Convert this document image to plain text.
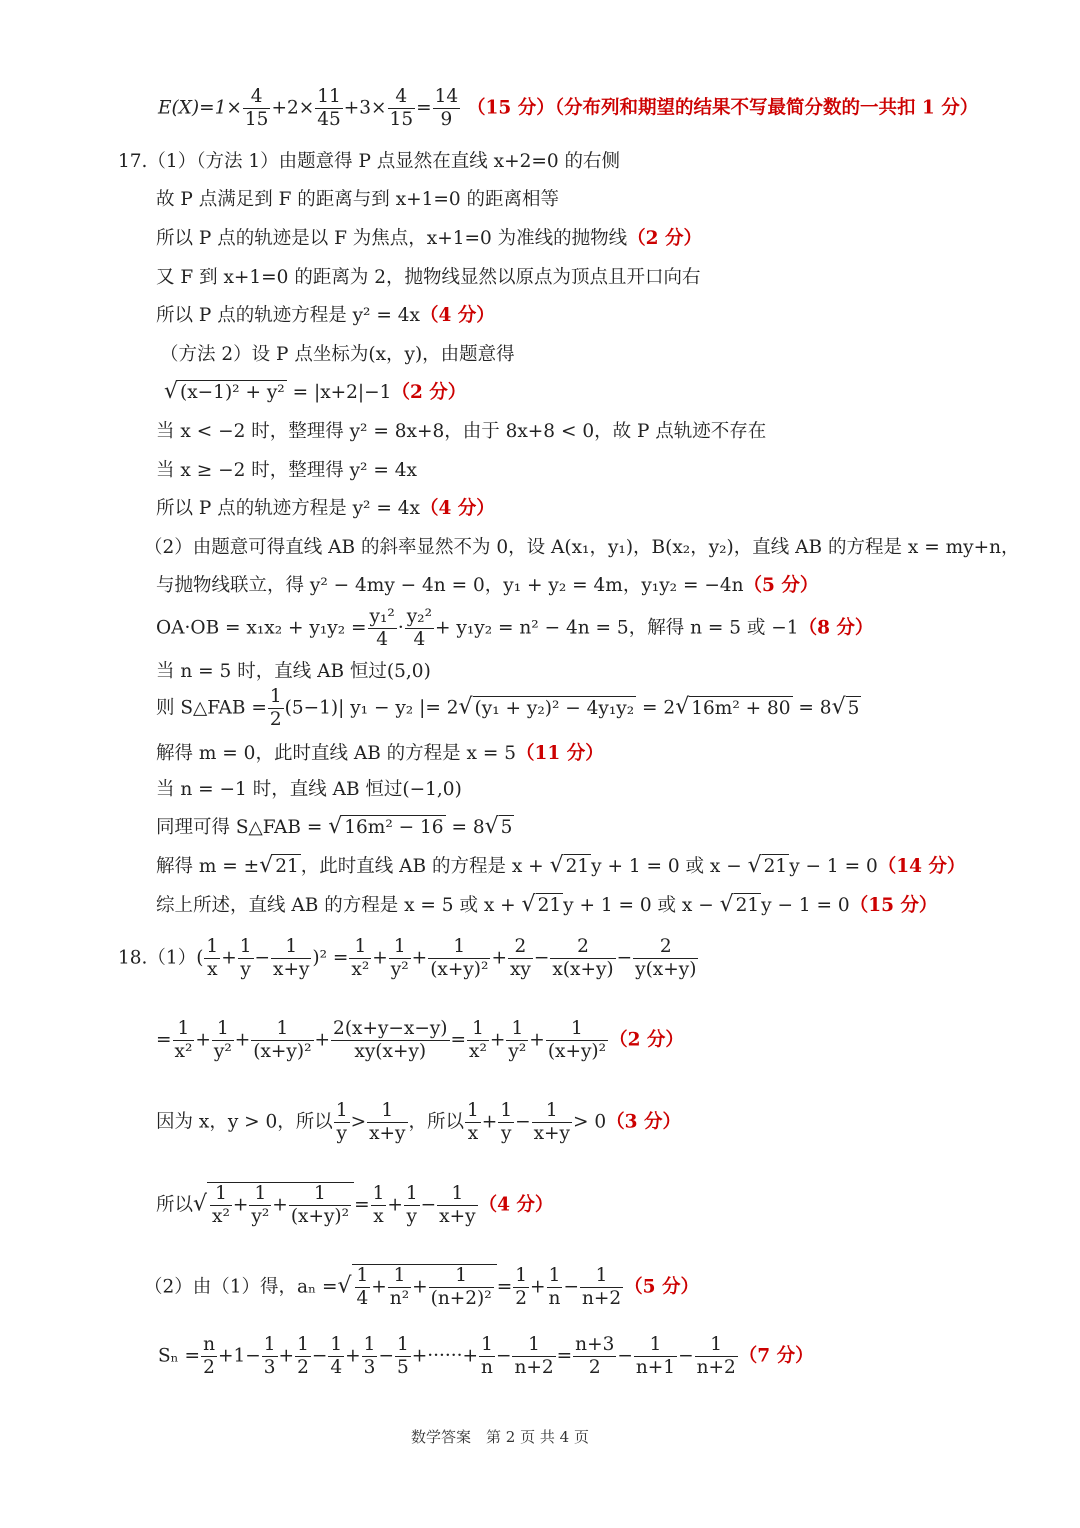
$E(X)=1\times \frac{4}{15} +2\times \frac{11}{45} +3\times \frac{4}{15} = \frac{14}{9} (15$ 分）（分布列和期望的结果不写最简分数的一共扣 1 分）
17.（1）（方法 1）由题意得 P 点显然在直线 x+2=0 的右侧
故 P 点满足到 F 的距离与到 x+1=0 的距离相等
所以 P 点的轨迹是以 F 为焦点，x+1=0 为准线的抛物线（2 分）
又 F 到 x+1=0 的距离为 2，抛物线显然以原点为顶点且开口向右
所以 P 点的轨迹方程是 y² = 4x（4 分）
（方法 2）设 P 点坐标为(x，y)，由题意得
√ (x−1)² + y² = |x+2|−1（2 分）
当 x < −2 时，整理得 y² = 8x+8，由于 8x+8 < 0，故 P 点轨迹不存在
当 x ≥ −2 时，整理得 y² = 4x
所以 P 点的轨迹方程是 y² = 4x（4 分）
（2）由题意可得直线 AB 的斜率显然不为 0，设 A(x₁，y₁)，B(x₂，y₂)，直线 AB 的方程是 x = my+n，
与抛物线联立，得 y² − 4my − 4n = 0，y₁ + y₂ = 4m，y₁y₂ = −4n（5 分）
$OA\cdot OB = x_1x_2 + y_1y_2 = \frac{\text{y₁²}}{4} \cdot \frac{\text{y₂²}}{4} + y_1y_2 = n^2 - 4n = 5$，解得 n = 5 或 −1（8 分）
当 n = 5 时，直线 AB 恒过(5,0)
则 S△FAB = $\frac{1}{2} (5-1)|$ y₁ − y₂ |= 2√ (y₁ + y₂)² − 4y₁y₂ = 2√ 16m² + 80 = 8√ 5
解得 m = 0，此时直线 AB 的方程是 x = 5（11 分）
当 n = −1 时，直线 AB 恒过(−1,0)
同理可得 S△FAB = √ 16m² − 16 = 8√ 5
解得 m = ±√ 21 ，此时直线 AB 的方程是 x + √ 21 y + 1 = 0 或 x − √ 21 y − 1 = 0（14 分）
综上所述，直线 AB 的方程是 x = 5 或 x + √ 21 y + 1 = 0 或 x − √ 21 y − 1 = 0（15 分）
$18.(1)( \frac{1}{x} + \frac{1}{y} - \frac{1}{x+y} )^2 = \frac{1}{\text{x²}} + \frac{1}{\text{y²}} + \frac{1}{\text{(x+y)²}} + \frac{2}{xy} - \frac{2}{x(x+y)} - \frac{2}{y(x+y)}$
= $\frac{1}{\text{x²}} + \frac{1}{\text{y²}} + \frac{1}{\text{(x+y)²}} + \frac{2(x+y-x-y)}{xy(x+y)} = \frac{1}{\text{x²}} + \frac{1}{\text{y²}} + \frac{1}{\text{(x+y)²}} (2$ 分）
因为 x，y > 0，所以 $\frac{1}{y} > \frac{1}{x+y}$ ，所以 $\frac{1}{x} + \frac{1}{y} - \frac{1}{x+y} > 0(3$ 分）
所以√ $\frac{1}{\text{x²}} + \frac{1}{\text{y²}} + \frac{1}{\text{(x+y)²}} = \frac{1}{x} + \frac{1}{y} - \frac{1}{x+y} (4$ 分）
（2）由（1）得，aₙ =√ $\frac{1}{4} + \frac{1}{\text{n²}} + \frac{1}{\text{(n+2)²}} = \frac{1}{2} + \frac{1}{n} - \frac{1}{n+2} (5$ 分）
$S_n = \frac{n}{2} +1- \frac{1}{3} + \frac{1}{2} - \frac{1}{4} + \frac{1}{3} - \frac{1}{5}$ +······+ $\frac{1}{n} - \frac{1}{n+2} = \frac{n+3}{2} - \frac{1}{n+1} - \frac{1}{n+2} (7$ 分）
数学答案　第 2 页 共 4 页
